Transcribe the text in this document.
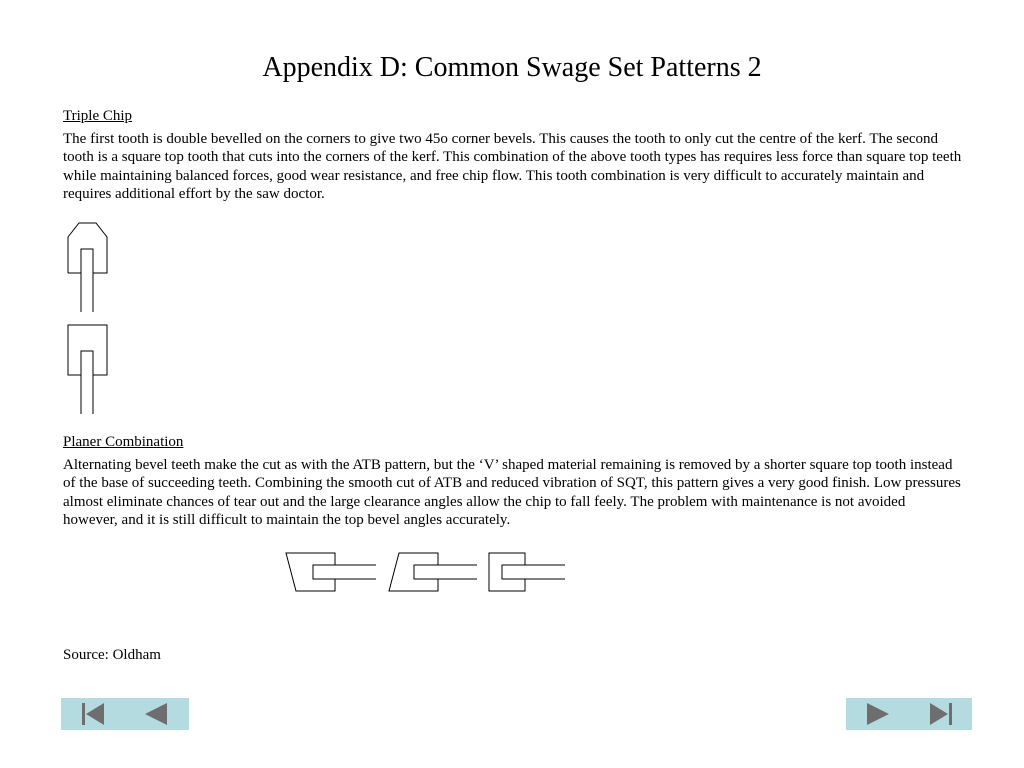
Appendix D: Common Swage Set Patterns 2
Triple Chip
The first tooth is double bevelled on the corners to give two 45o corner bevels. This causes the tooth to only cut the centre of the kerf. The second tooth is a square top tooth that cuts into the corners of the kerf. This combination of the above tooth types has requires less force than square top teeth while maintaining balanced forces, good wear resistance, and free chip flow. This tooth combination is very difficult to accurately maintain and requires additional effort by the saw doctor.
Planer Combination
Alternating bevel teeth make the cut as with the ATB pattern, but the ‘V’ shaped material remaining is removed by a shorter square top tooth instead of the base of succeeding teeth. Combining the smooth cut of ATB and reduced vibration of SQT, this pattern gives a very good finish. Low pressures almost eliminate chances of tear out and the large clearance angles allow the chip to fall feely. The problem with maintenance is not avoided however, and it is still difficult to maintain the top bevel angles accurately.
Source: Oldham
